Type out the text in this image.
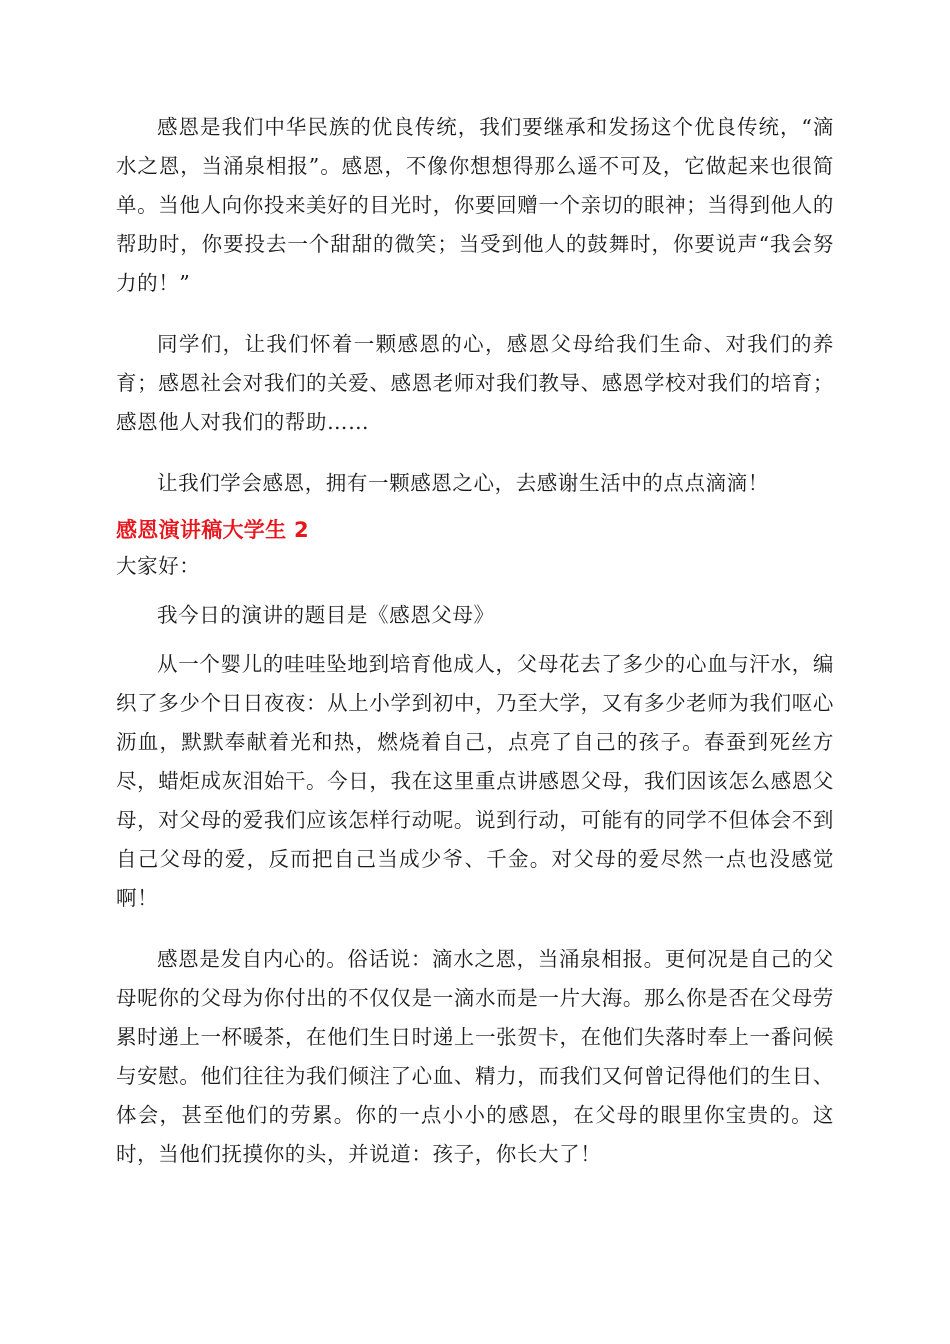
感恩是我们中华民族的优良传统，我们要继承和发扬这个优良传统，“滴水之恩，当涌泉相报”。感恩，不像你想想得那么遥不可及，它做起来也很简单。当他人向你投来美好的目光时，你要回赠一个亲切的眼神；当得到他人的帮助时，你要投去一个甜甜的微笑；当受到他人的鼓舞时，你要说声“我会努力的！”

同学们，让我们怀着一颗感恩的心，感恩父母给我们生命、对我们的养育；感恩社会对我们的关爱、感恩老师对我们教导、感恩学校对我们的培育；感恩他人对我们的帮助……

让我们学会感恩，拥有一颗感恩之心，去感谢生活中的点点滴滴！

感恩演讲稿大学生 2

大家好：

我今日的演讲的题目是《感恩父母》

从一个婴儿的哇哇坠地到培育他成人，父母花去了多少的心血与汗水，编织了多少个日日夜夜：从上小学到初中，乃至大学，又有多少老师为我们呕心沥血，默默奉献着光和热，燃烧着自己，点亮了自己的孩子。春蚕到死丝方尽，蜡炬成灰泪始干。今日，我在这里重点讲感恩父母，我们因该怎么感恩父母，对父母的爱我们应该怎样行动呢。说到行动，可能有的同学不但体会不到自己父母的爱，反而把自己当成少爷、千金。对父母的爱尽然一点也没感觉啊！

感恩是发自内心的。俗话说：滴水之恩，当涌泉相报。更何况是自己的父母呢你的父母为你付出的不仅仅是一滴水而是一片大海。那么你是否在父母劳累时递上一杯暖茶，在他们生日时递上一张贺卡，在他们失落时奉上一番问候与安慰。他们往往为我们倾注了心血、精力，而我们又何曾记得他们的生日、体会，甚至他们的劳累。你的一点小小的感恩，在父母的眼里你宝贵的。这时，当他们抚摸你的头，并说道：孩子，你长大了！
